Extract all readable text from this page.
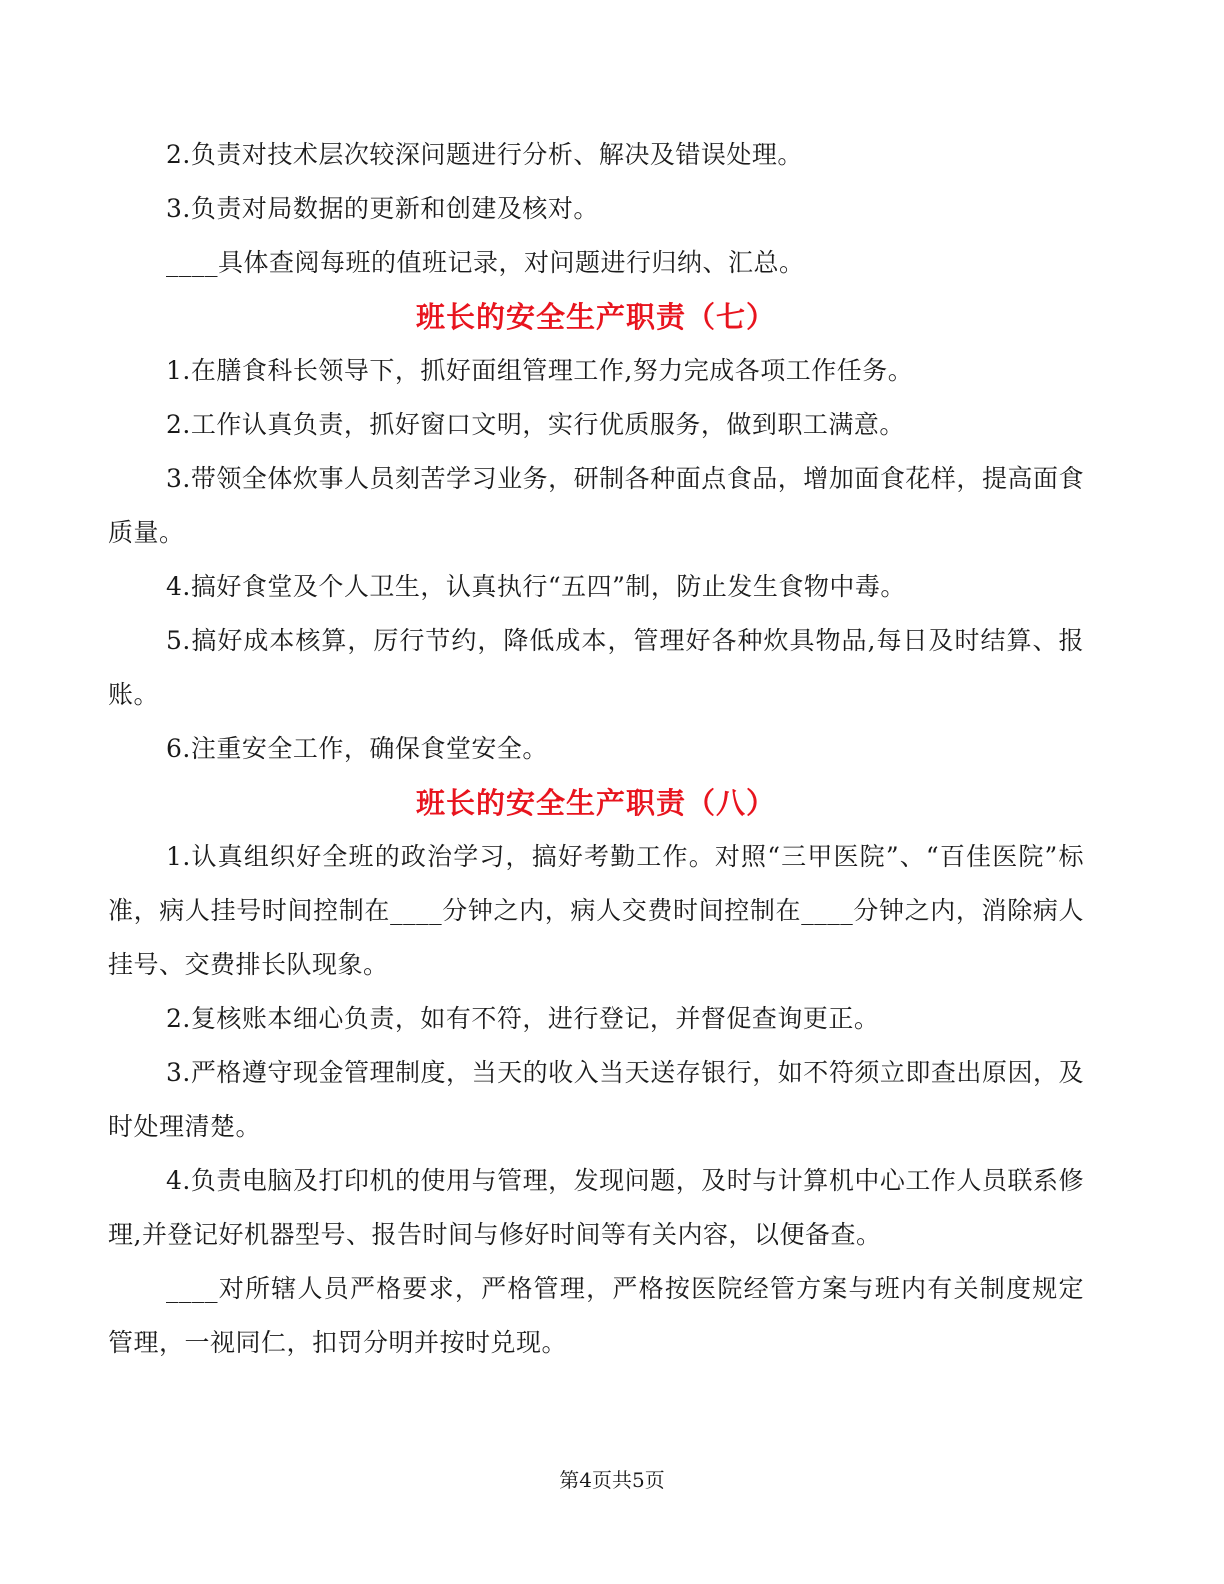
2.负责对技术层次较深问题进行分析、解决及错误处理。

3.负责对局数据的更新和创建及核对。

____具体查阅每班的值班记录，对问题进行归纳、汇总。

班长的安全生产职责（七）

1.在膳食科长领导下，抓好面组管理工作,努力完成各项工作任务。

2.工作认真负责，抓好窗口文明，实行优质服务，做到职工满意。

3.带领全体炊事人员刻苦学习业务，研制各种面点食品，增加面食花样，提高面食质量。

4.搞好食堂及个人卫生，认真执行“五四”制，防止发生食物中毒。

5.搞好成本核算，厉行节约，降低成本，管理好各种炊具物品,每日及时结算、报账。

6.注重安全工作，确保食堂安全。

班长的安全生产职责（八）

1.认真组织好全班的政治学习，搞好考勤工作。对照“三甲医院”、“百佳医院”标准，病人挂号时间控制在____分钟之内，病人交费时间控制在____分钟之内，消除病人挂号、交费排长队现象。

2.复核账本细心负责，如有不符，进行登记，并督促查询更正。

3.严格遵守现金管理制度，当天的收入当天送存银行，如不符须立即查出原因，及时处理清楚。

4.负责电脑及打印机的使用与管理，发现问题，及时与计算机中心工作人员联系修理,并登记好机器型号、报告时间与修好时间等有关内容，以便备查。

____对所辖人员严格要求，严格管理，严格按医院经管方案与班内有关制度规定管理，一视同仁，扣罚分明并按时兑现。

第4页共5页
